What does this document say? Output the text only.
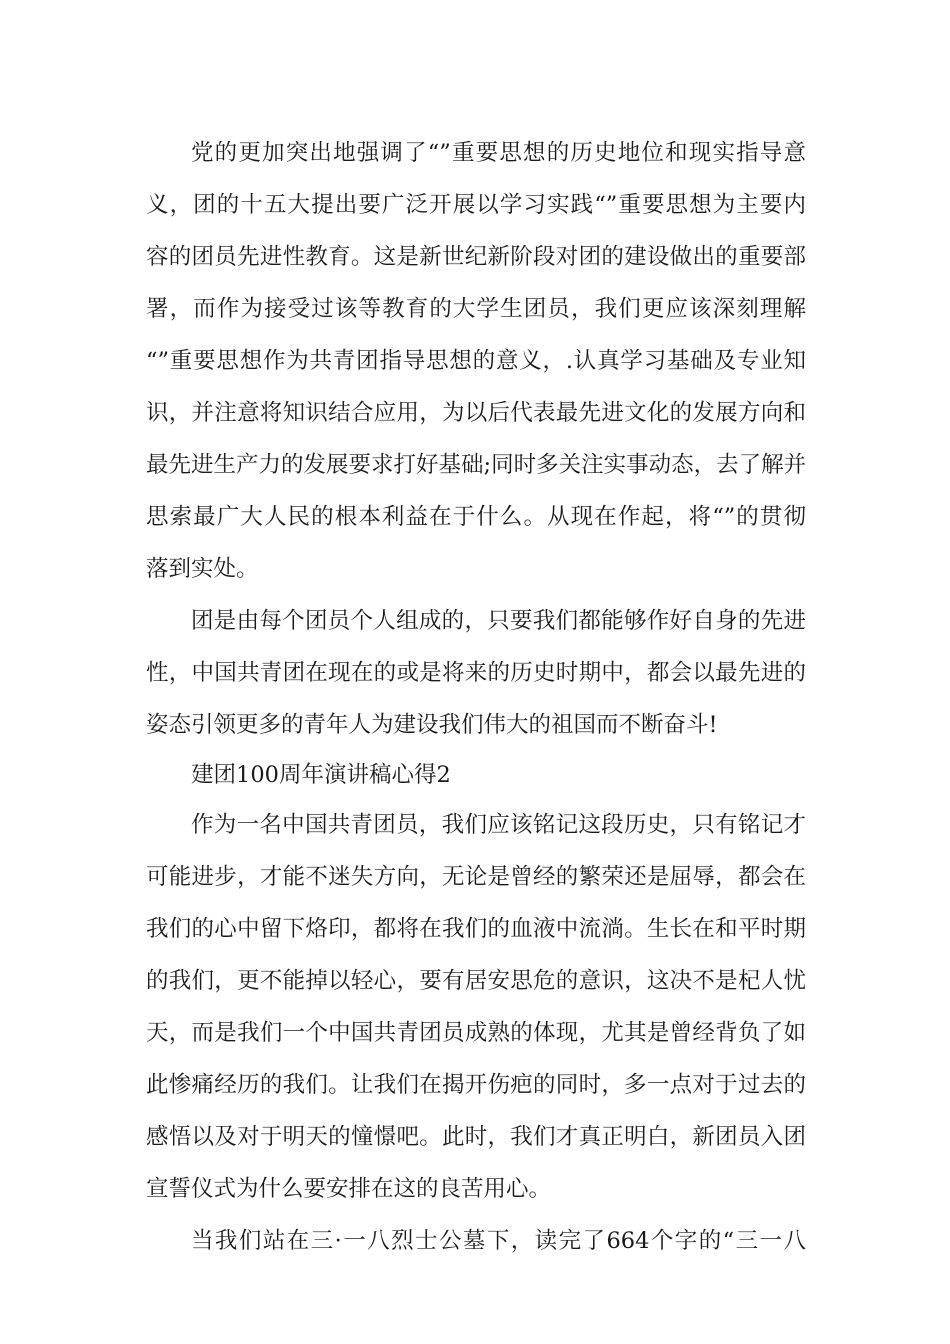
党的更加突出地强调了“”重要思想的历史地位和现实指导意
义，团的十五大提出要广泛开展以学习实践“”重要思想为主要内
容的团员先进性教育。这是新世纪新阶段对团的建设做出的重要部
署，而作为接受过该等教育的大学生团员，我们更应该深刻理解
“”重要思想作为共青团指导思想的意义，.认真学习基础及专业知
识，并注意将知识结合应用，为以后代表最先进文化的发展方向和
最先进生产力的发展要求打好基础;同时多关注实事动态，去了解并
思索最广大人民的根本利益在于什么。从现在作起，将“”的贯彻
落到实处。
团是由每个团员个人组成的，只要我们都能够作好自身的先进
性，中国共青团在现在的或是将来的历史时期中，都会以最先进的
姿态引领更多的青年人为建设我们伟大的祖国而不断奋斗!
建团100周年演讲稿心得2
作为一名中国共青团员，我们应该铭记这段历史，只有铭记才
可能进步，才能不迷失方向，无论是曾经的繁荣还是屈辱，都会在
我们的心中留下烙印，都将在我们的血液中流淌。生长在和平时期
的我们，更不能掉以轻心，要有居安思危的意识，这决不是杞人忧
天，而是我们一个中国共青团员成熟的体现，尤其是曾经背负了如
此惨痛经历的我们。让我们在揭开伤疤的同时，多一点对于过去的
感悟以及对于明天的憧憬吧。此时，我们才真正明白，新团员入团
宣誓仪式为什么要安排在这的良苦用心。
当我们站在三·一八烈士公墓下，读完了664个字的“三一八
